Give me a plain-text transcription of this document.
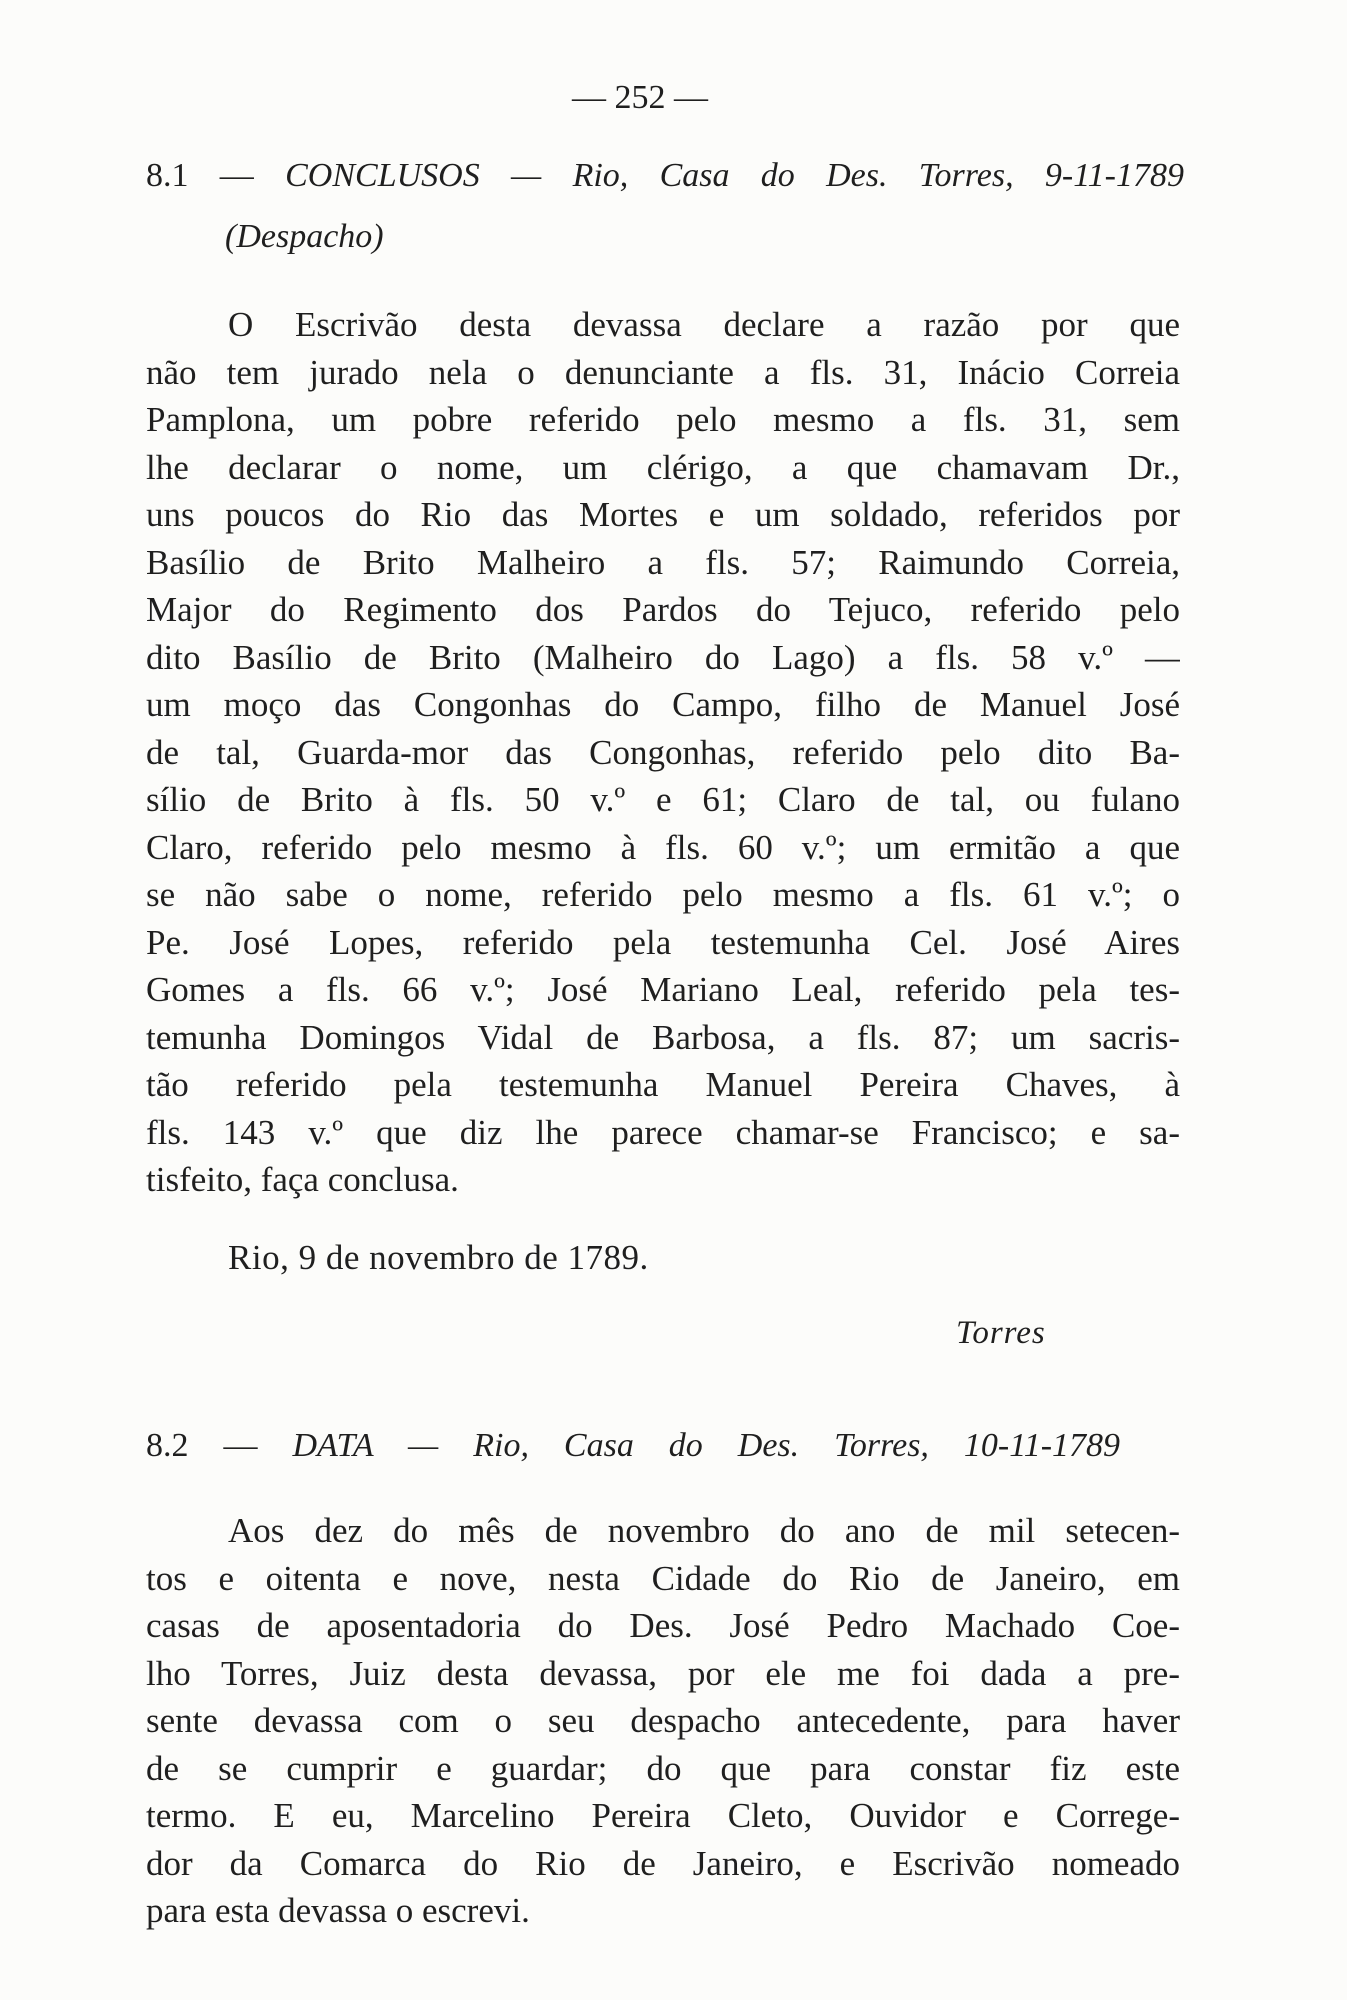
— 252 —
8.1 — CONCLUSOS — Rio, Casa do Des. Torres, 9-11-1789
(Despacho)
O Escrivão desta devassa declare a razão por que
não tem jurado nela o denunciante a fls. 31, Inácio Correia
Pamplona, um pobre referido pelo mesmo a fls. 31, sem
lhe declarar o nome, um clérigo, a que chamavam Dr.,
uns poucos do Rio das Mortes e um soldado, referidos por
Basílio de Brito Malheiro a fls. 57; Raimundo Correia,
Major do Regimento dos Pardos do Tejuco, referido pelo
dito Basílio de Brito (Malheiro do Lago) a fls. 58 v.º —
um moço das Congonhas do Campo, filho de Manuel José
de tal, Guarda-mor das Congonhas, referido pelo dito Ba-
sílio de Brito à fls. 50 v.º e 61; Claro de tal, ou fulano
Claro, referido pelo mesmo à fls. 60 v.º; um ermitão a que
se não sabe o nome, referido pelo mesmo a fls. 61 v.º; o
Pe. José Lopes, referido pela testemunha Cel. José Aires
Gomes a fls. 66 v.º; José Mariano Leal, referido pela tes-
temunha Domingos Vidal de Barbosa, a fls. 87; um sacris-
tão referido pela testemunha Manuel Pereira Chaves, à
fls. 143 v.º que diz lhe parece chamar-se Francisco; e sa-
tisfeito, faça conclusa.
Rio, 9 de novembro de 1789.
Torres
8.2 — DATA — Rio, Casa do Des. Torres, 10-11-1789
Aos dez do mês de novembro do ano de mil setecen-
tos e oitenta e nove, nesta Cidade do Rio de Janeiro, em
casas de aposentadoria do Des. José Pedro Machado Coe-
lho Torres, Juiz desta devassa, por ele me foi dada a pre-
sente devassa com o seu despacho antecedente, para haver
de se cumprir e guardar; do que para constar fiz este
termo. E eu, Marcelino Pereira Cleto, Ouvidor e Correge-
dor da Comarca do Rio de Janeiro, e Escrivão nomeado
para esta devassa o escrevi.
